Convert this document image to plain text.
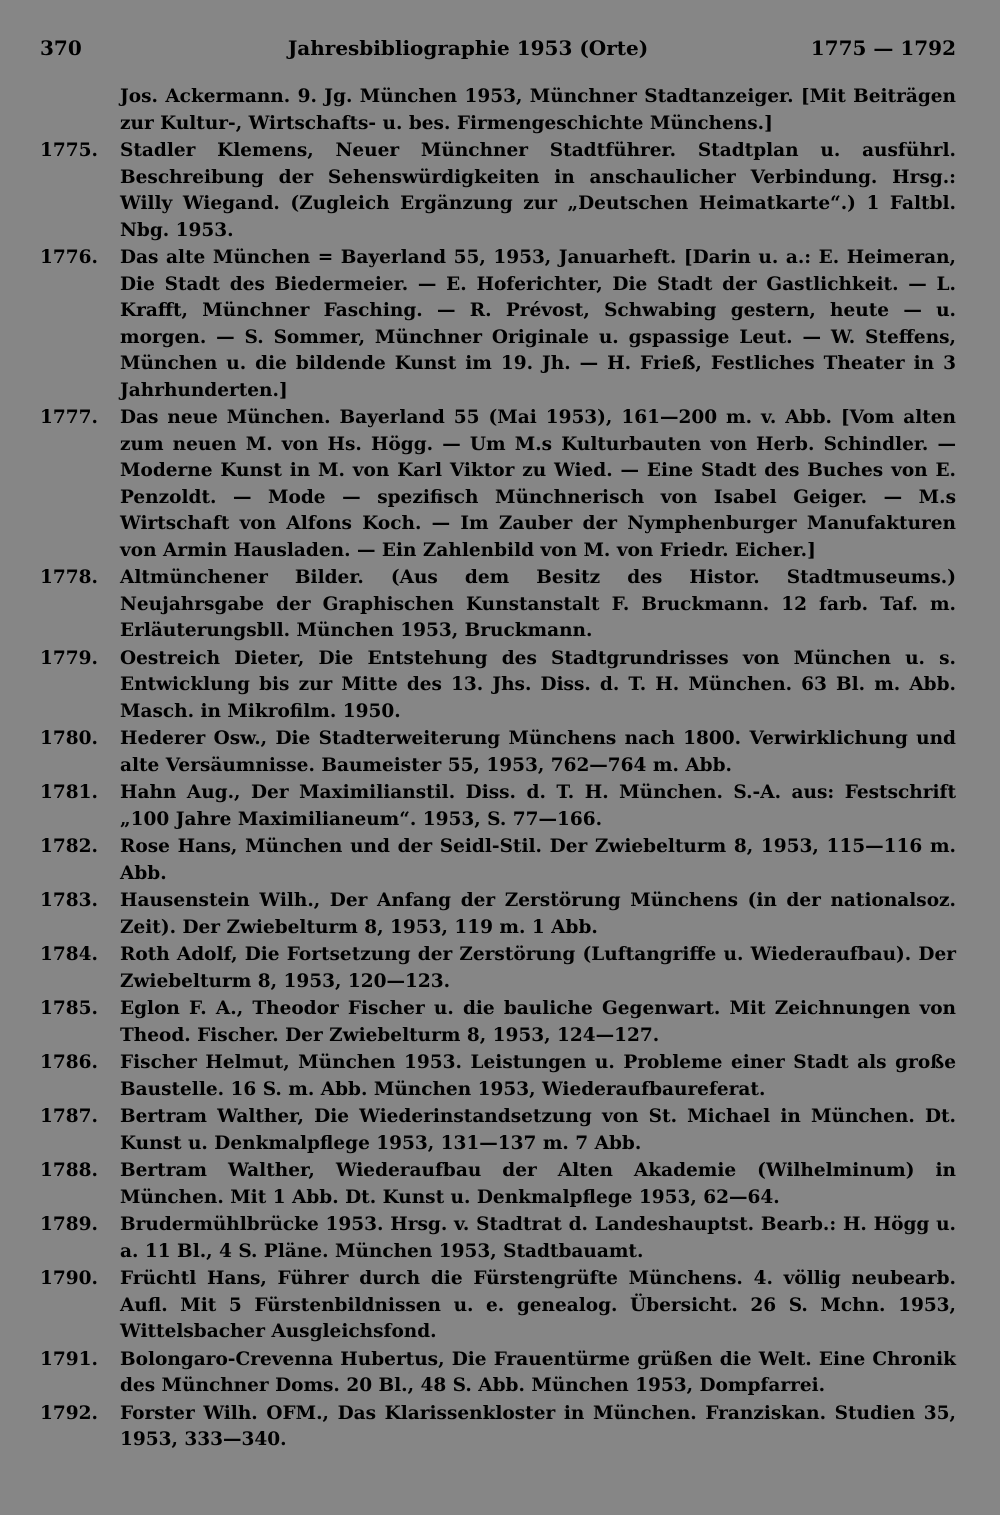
370	Jahresbibliographie 1953 (Orte)	1775 — 1792
Jos. Ackermann. 9. Jg. München 1953, Münchner Stadtanzeiger. [Mit Beiträgen zur Kultur-, Wirtschafts- u. bes. Firmengeschichte Münchens.]
1775.	Stadler Klemens, Neuer Münchner Stadtführer. Stadtplan u. ausführl. Beschreibung der Sehenswürdigkeiten in anschaulicher Verbindung. Hrsg.: Willy Wiegand. (Zugleich Ergänzung zur „Deutschen Heimatkarte“.) 1 Faltbl. Nbg. 1953.
1776.	Das alte München = Bayerland 55, 1953, Januarheft. [Darin u. a.: E. Heimeran, Die Stadt des Biedermeier. — E. Hoferichter, Die Stadt der Gastlichkeit. — L. Krafft, Münchner Fasching. — R. Prévost, Schwabing gestern, heute — u. morgen. — S. Sommer, Münchner Originale u. gspassige Leut. — W. Steffens, München u. die bildende Kunst im 19. Jh. — H. Frieß, Festliches Theater in 3 Jahrhunderten.]
1777.	Das neue München. Bayerland 55 (Mai 1953), 161—200 m. v. Abb. [Vom alten zum neuen M. von Hs. Högg. — Um M.s Kulturbauten von Herb. Schindler. — Moderne Kunst in M. von Karl Viktor zu Wied. — Eine Stadt des Buches von E. Penzoldt. — Mode — spezifisch Münchnerisch von Isabel Geiger. — M.s Wirtschaft von Alfons Koch. — Im Zauber der Nymphenburger Manufakturen von Armin Hausladen. — Ein Zahlenbild von M. von Friedr. Eicher.]
1778.	Altmünchener Bilder. (Aus dem Besitz des Histor. Stadtmuseums.) Neujahrsgabe der Graphischen Kunstanstalt F. Bruckmann. 12 farb. Taf. m. Erläuterungsbll. München 1953, Bruckmann.
1779.	Oestreich Dieter, Die Entstehung des Stadtgrundrisses von München u. s. Entwicklung bis zur Mitte des 13. Jhs. Diss. d. T. H. München. 63 Bl. m. Abb. Masch. in Mikrofilm. 1950.
1780.	Hederer Osw., Die Stadterweiterung Münchens nach 1800. Verwirklichung und alte Versäumnisse. Baumeister 55, 1953, 762—764 m. Abb.
1781.	Hahn Aug., Der Maximilianstil. Diss. d. T. H. München. S.-A. aus: Festschrift „100 Jahre Maximilianeum“. 1953, S. 77—166.
1782.	Rose Hans, München und der Seidl-Stil. Der Zwiebelturm 8, 1953, 115—116 m. Abb.
1783.	Hausenstein Wilh., Der Anfang der Zerstörung Münchens (in der nationalsoz. Zeit). Der Zwiebelturm 8, 1953, 119 m. 1 Abb.
1784.	Roth Adolf, Die Fortsetzung der Zerstörung (Luftangriffe u. Wiederaufbau). Der Zwiebelturm 8, 1953, 120—123.
1785.	Eglon F. A., Theodor Fischer u. die bauliche Gegenwart. Mit Zeichnungen von Theod. Fischer. Der Zwiebelturm 8, 1953, 124—127.
1786.	Fischer Helmut, München 1953. Leistungen u. Probleme einer Stadt als große Baustelle. 16 S. m. Abb. München 1953, Wiederaufbaureferat.
1787.	Bertram Walther, Die Wiederinstandsetzung von St. Michael in München. Dt. Kunst u. Denkmalpflege 1953, 131—137 m. 7 Abb.
1788.	Bertram Walther, Wiederaufbau der Alten Akademie (Wilhelminum) in München. Mit 1 Abb. Dt. Kunst u. Denkmalpflege 1953, 62—64.
1789.	Brudermühlbrücke 1953. Hrsg. v. Stadtrat d. Landeshauptst. Bearb.: H. Högg u. a. 11 Bl., 4 S. Pläne. München 1953, Stadtbauamt.
1790.	Früchtl Hans, Führer durch die Fürstengrüfte Münchens. 4. völlig neubearb. Aufl. Mit 5 Fürstenbildnissen u. e. genealog. Übersicht. 26 S. Mchn. 1953, Wittelsbacher Ausgleichsfond.
1791.	Bolongaro-Crevenna Hubertus, Die Frauentürme grüßen die Welt. Eine Chronik des Münchner Doms. 20 Bl., 48 S. Abb. München 1953, Dompfarrei.
1792.	Forster Wilh. OFM., Das Klarissenkloster in München. Franziskan. Studien 35, 1953, 333—340.
